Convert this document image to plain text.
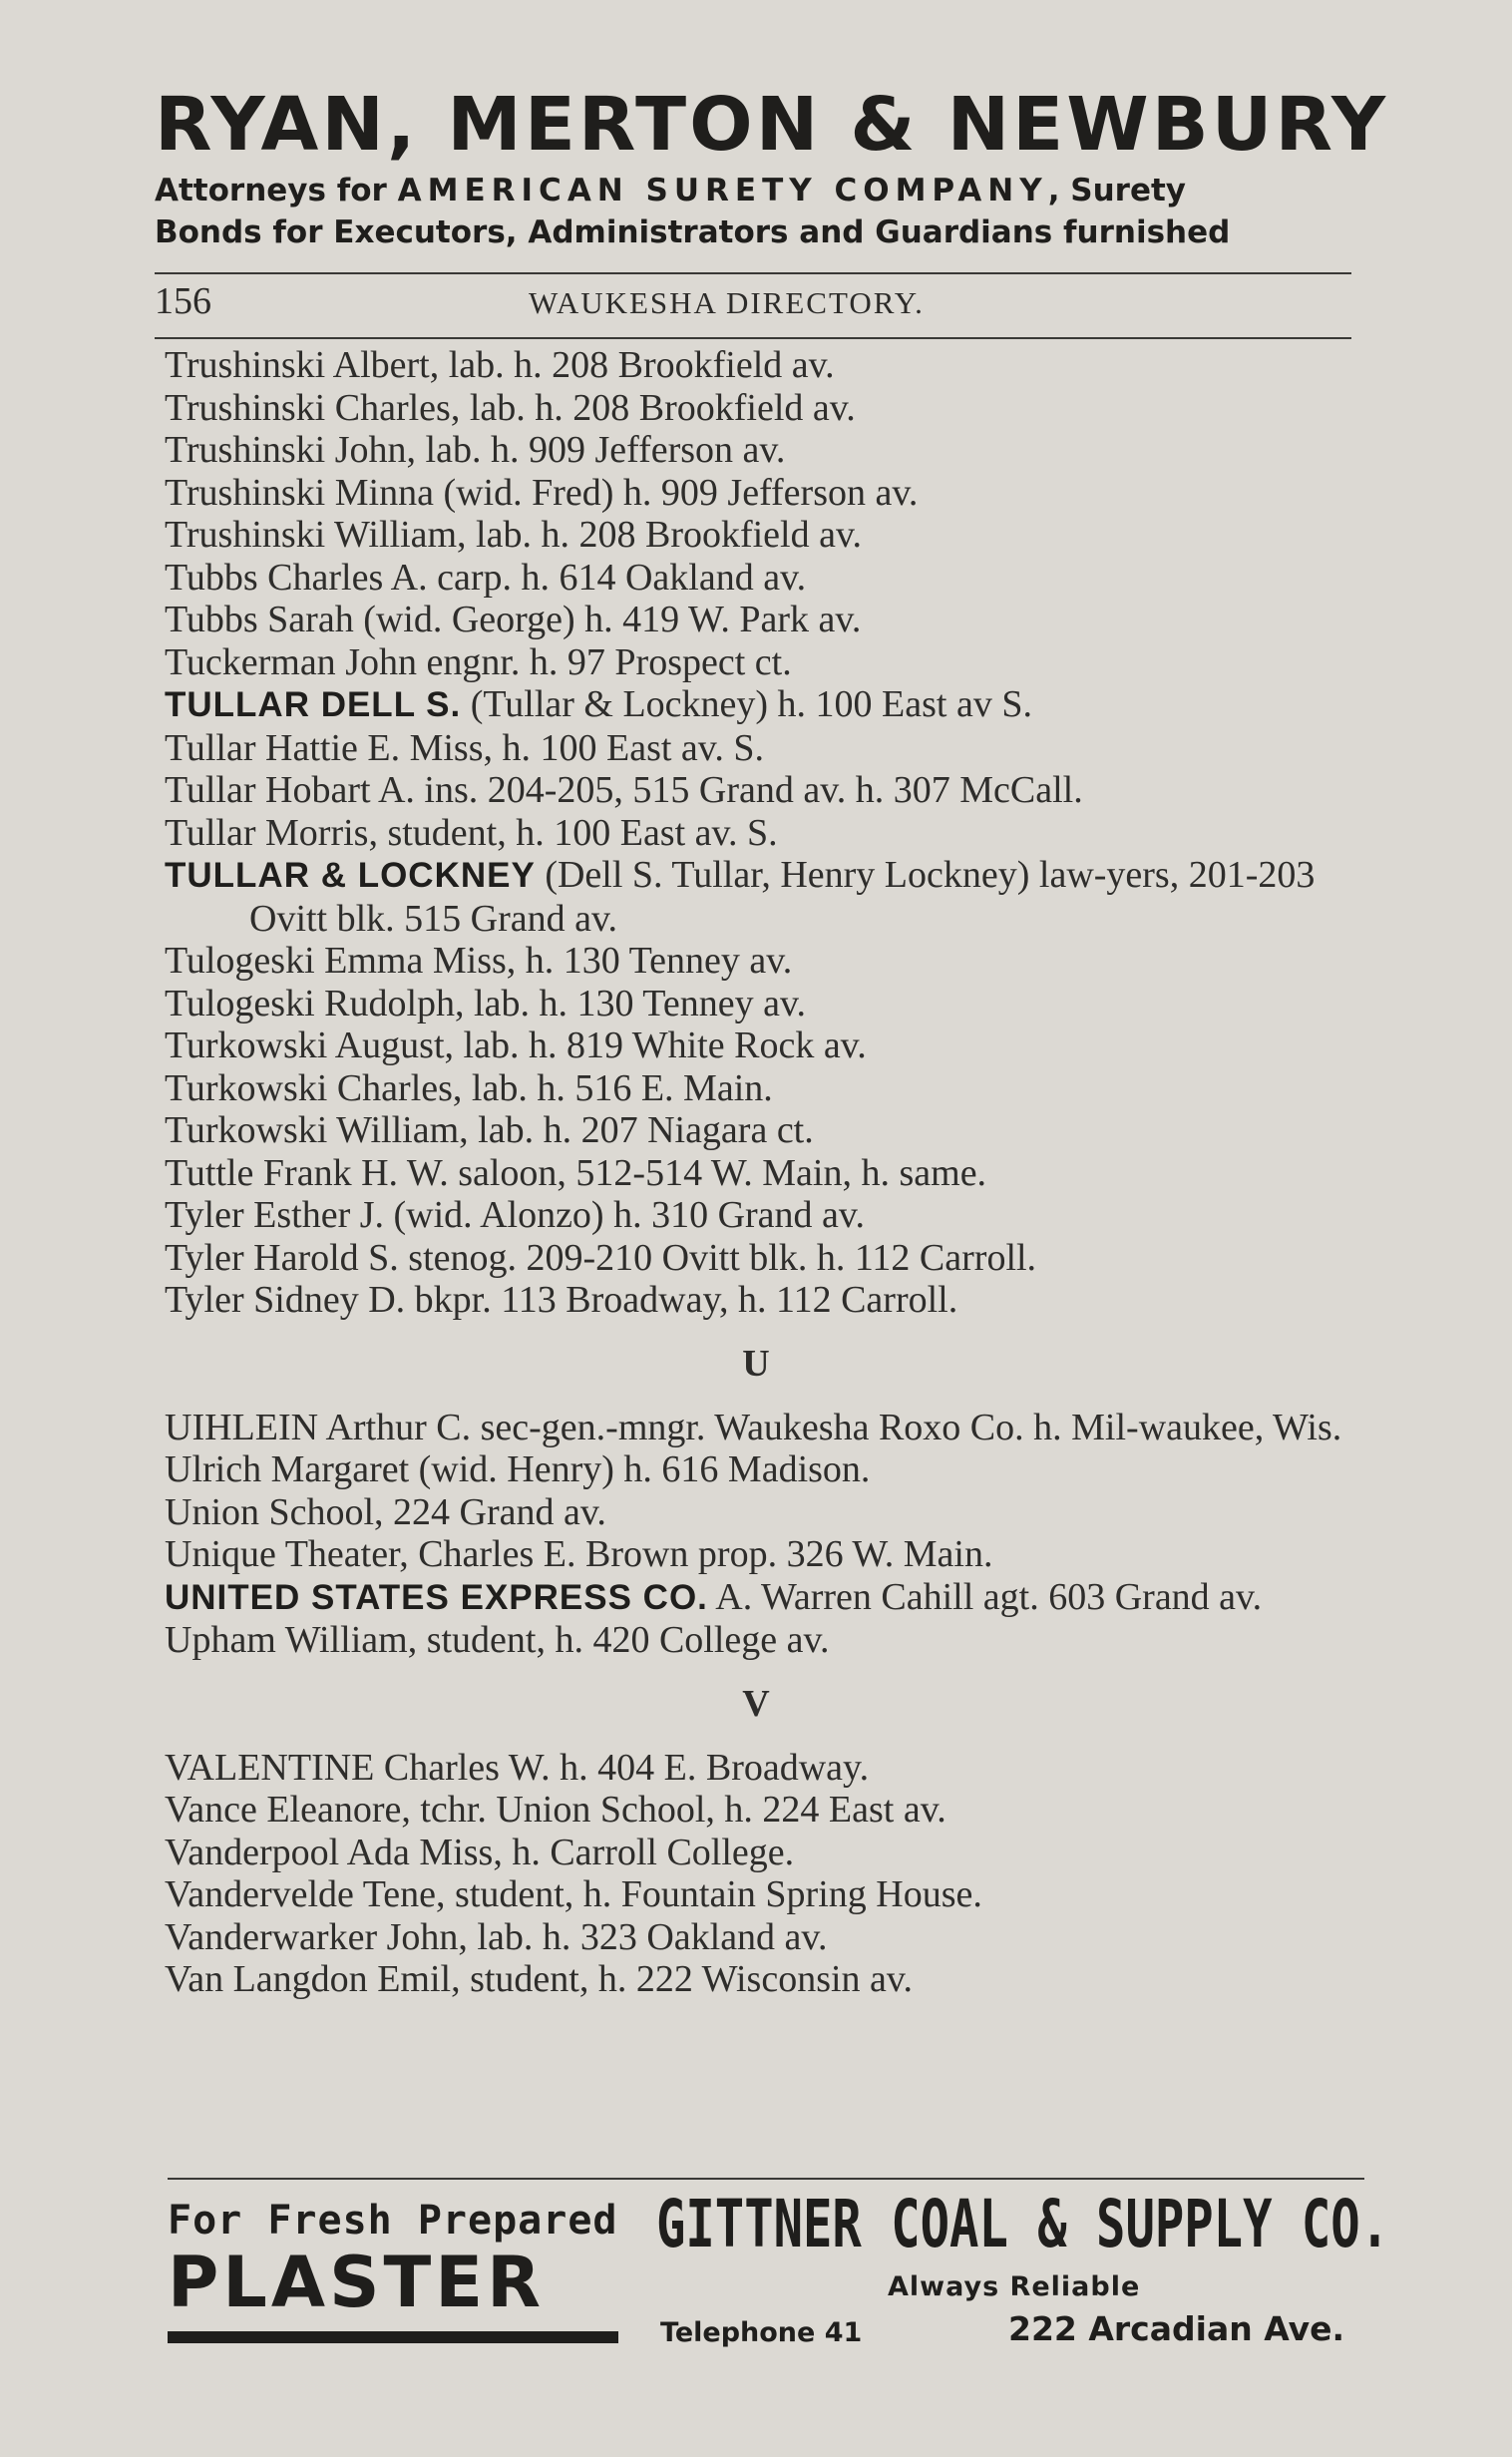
RYAN, MERTON & NEWBURY
Attorneys for AMERICAN SURETY COMPANY, Surety
Bonds for Executors, Administrators and Guardians furnished
156	WAUKESHA DIRECTORY.
Trushinski Albert, lab. h. 208 Brookfield av.
Trushinski Charles, lab. h. 208 Brookfield av.
Trushinski John, lab. h. 909 Jefferson av.
Trushinski Minna (wid. Fred) h. 909 Jefferson av.
Trushinski William, lab. h. 208 Brookfield av.
Tubbs Charles A. carp. h. 614 Oakland av.
Tubbs Sarah (wid. George) h. 419 W. Park av.
Tuckerman John engnr. h. 97 Prospect ct.
TULLAR DELL S. (Tullar & Lockney) h. 100 East av S.
Tullar Hattie E. Miss, h. 100 East av. S.
Tullar Hobart A. ins. 204-205, 515 Grand av. h. 307 McCall.
Tullar Morris, student, h. 100 East av. S.
TULLAR & LOCKNEY (Dell S. Tullar, Henry Lockney) law-yers, 201-203 Ovitt blk. 515 Grand av.
Tulogeski Emma Miss, h. 130 Tenney av.
Tulogeski Rudolph, lab. h. 130 Tenney av.
Turkowski August, lab. h. 819 White Rock av.
Turkowski Charles, lab. h. 516 E. Main.
Turkowski William, lab. h. 207 Niagara ct.
Tuttle Frank H. W. saloon, 512-514 W. Main, h. same.
Tyler Esther J. (wid. Alonzo) h. 310 Grand av.
Tyler Harold S. stenog. 209-210 Ovitt blk. h. 112 Carroll.
Tyler Sidney D. bkpr. 113 Broadway, h. 112 Carroll.
U
UIHLEIN Arthur C. sec-gen.-mngr. Waukesha Roxo Co. h. Mil-waukee, Wis.
Ulrich Margaret (wid. Henry) h. 616 Madison.
Union School, 224 Grand av.
Unique Theater, Charles E. Brown prop. 326 W. Main.
UNITED STATES EXPRESS CO. A. Warren Cahill agt. 603 Grand av.
Upham William, student, h. 420 College av.
V
VALENTINE Charles W. h. 404 E. Broadway.
Vance Eleanore, tchr. Union School, h. 224 East av.
Vanderpool Ada Miss, h. Carroll College.
Vandervelde Tene, student, h. Fountain Spring House.
Vanderwarker John, lab. h. 323 Oakland av.
Van Langdon Emil, student, h. 222 Wisconsin av.
For Fresh Prepared
PLASTER
GITTNER COAL & SUPPLY CO.
Always Reliable
Telephone 41	222 Arcadian Ave.
